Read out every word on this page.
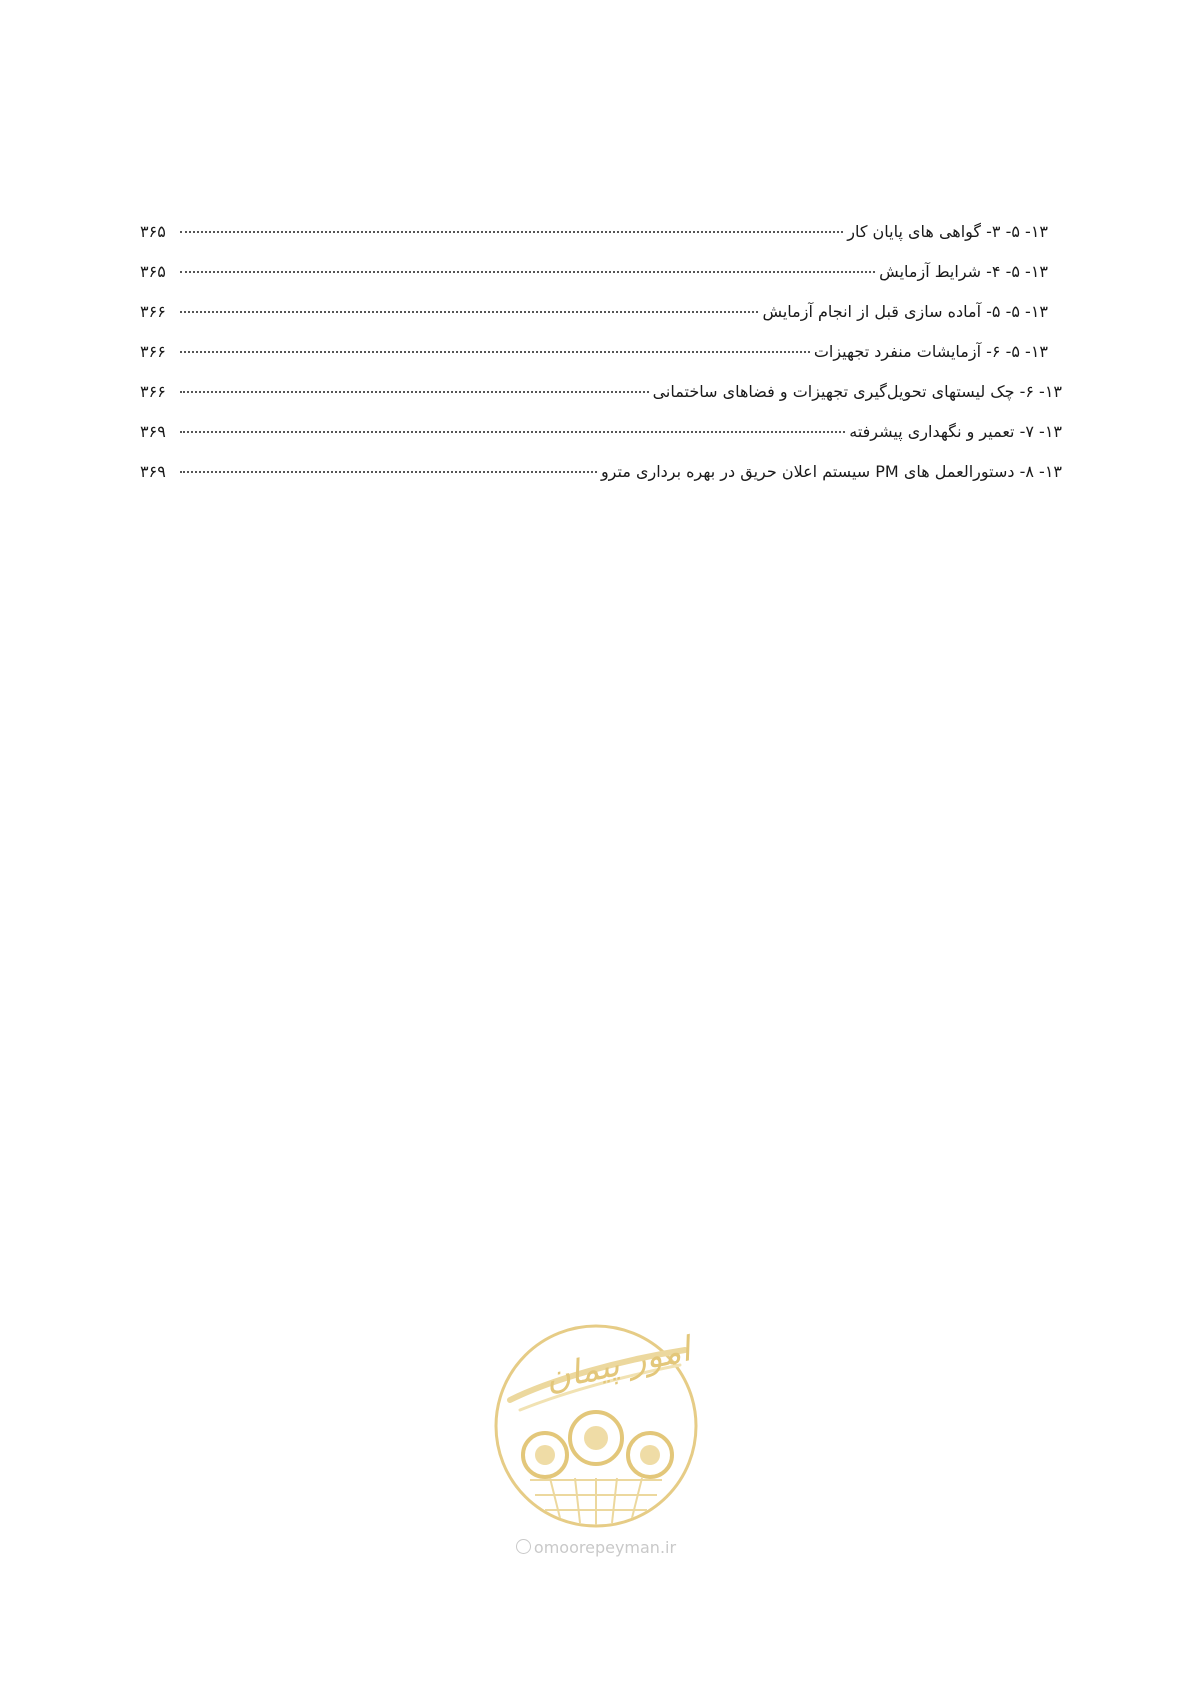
۱۳- ۵- ۳- گواهی های پایان کار
۳۶۵
۱۳- ۵- ۴- شرایط آزمایش
۳۶۵
۱۳- ۵- ۵- آماده سازی قبل از انجام آزمایش
۳۶۶
۱۳- ۵- ۶- آزمایشات منفرد تجهیزات
۳۶۶
۱۳- ۶- چک لیستهای تحویل‌گیری تجهیزات و فضاهای ساختمانی
۳۶۶
۱۳- ۷- تعمیر و نگهداری پیشرفته
۳۶۹
۱۳- ۸- دستورالعمل های PM سیستم اعلان حریق در بهره برداری مترو
۳۶۹
امور پیمان
omoorepeyman.ir
